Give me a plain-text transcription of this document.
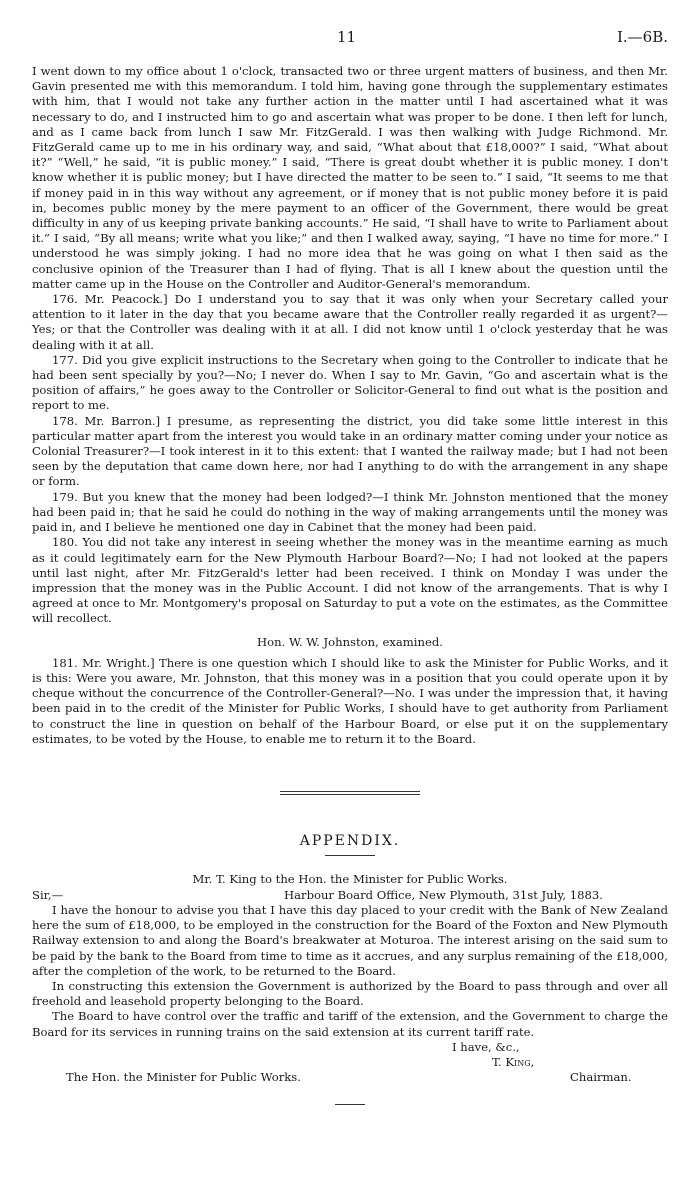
11	I.—6B.

I went down to my office about 1 o'clock, transacted two or three urgent matters of business, and then Mr. Gavin presented me with this memorandum. I told him, having gone through the supplementary estimates with him, that I would not take any further action in the matter until I had ascertained what it was necessary to do, and I instructed him to go and ascertain what was proper to be done. I then left for lunch, and as I came back from lunch I saw Mr. FitzGerald. I was then walking with Judge Richmond. Mr. FitzGerald came up to me in his ordinary way, and said, “What about that £18,000?” I said, “What about it?” “Well,” he said, “it is public money.” I said, “There is great doubt whether it is public money. I don't know whether it is public money; but I have directed the matter to be seen to.” I said, “It seems to me that if money paid in in this way without any agreement, or if money that is not public money before it is paid in, becomes public money by the mere payment to an officer of the Government, there would be great difficulty in any of us keeping private banking accounts.” He said, “I shall have to write to Parliament about it.” I said, “By all means; write what you like;” and then I walked away, saying, “I have no time for more.” I understood he was simply joking. I had no more idea that he was going on what I then said as the conclusive opinion of the Treasurer than I had of flying. That is all I knew about the question until the matter came up in the House on the Controller and Auditor-General's memorandum.

176. Mr. Peacock.] Do I understand you to say that it was only when your Secretary called your attention to it later in the day that you became aware that the Controller really regarded it as urgent?—Yes; or that the Controller was dealing with it at all. I did not know until 1 o'clock yesterday that he was dealing with it at all.

177. Did you give explicit instructions to the Secretary when going to the Controller to indicate that he had been sent specially by you?—No; I never do. When I say to Mr. Gavin, “Go and ascertain what is the position of affairs,” he goes away to the Controller or Solicitor-General to find out what is the position and report to me.

178. Mr. Barron.] I presume, as representing the district, you did take some little interest in this particular matter apart from the interest you would take in an ordinary matter coming under your notice as Colonial Treasurer?—I took interest in it to this extent: that I wanted the railway made; but I had not been seen by the deputation that came down here, nor had I anything to do with the arrangement in any shape or form.

179. But you knew that the money had been lodged?—I think Mr. Johnston mentioned that the money had been paid in; that he said he could do nothing in the way of making arrangements until the money was paid in, and I believe he mentioned one day in Cabinet that the money had been paid.

180. You did not take any interest in seeing whether the money was in the meantime earning as much as it could legitimately earn for the New Plymouth Harbour Board?—No; I had not looked at the papers until last night, after Mr. FitzGerald's letter had been received. I think on Monday I was under the impression that the money was in the Public Account. I did not know of the arrangements. That is why I agreed at once to Mr. Montgomery's proposal on Saturday to put a vote on the estimates, as the Committee will recollect.

Hon. W. W. Johnston, examined.

181. Mr. Wright.] There is one question which I should like to ask the Minister for Public Works, and it is this: Were you aware, Mr. Johnston, that this money was in a position that you could operate upon it by cheque without the concurrence of the Controller-General?—No. I was under the impression that, it having been paid in to the credit of the Minister for Public Works, I should have to get authority from Parliament to construct the line in question on behalf of the Harbour Board, or else put it on the supplementary estimates, to be voted by the House, to enable me to return it to the Board.

APPENDIX.
Mr. T. King to the Hon. the Minister for Public Works.
Sir,—	Harbour Board Office, New Plymouth, 31st July, 1883.

I have the honour to advise you that I have this day placed to your credit with the Bank of New Zealand here the sum of £18,000, to be employed in the construction for the Board of the Foxton and New Plymouth Railway extension to and along the Board's breakwater at Moturoa. The interest arising on the said sum to be paid by the bank to the Board from time to time as it accrues, and any surplus remaining of the £18,000, after the completion of the work, to be returned to the Board.

In constructing this extension the Government is authorized by the Board to pass through and over all freehold and leasehold property belonging to the Board.

The Board to have control over the traffic and tariff of the extension, and the Government to charge the Board for its services in running trains on the said extension at its current tariff rate.

I have, &c.,
T. King,
The Hon. the Minister for Public Works.	Chairman.
